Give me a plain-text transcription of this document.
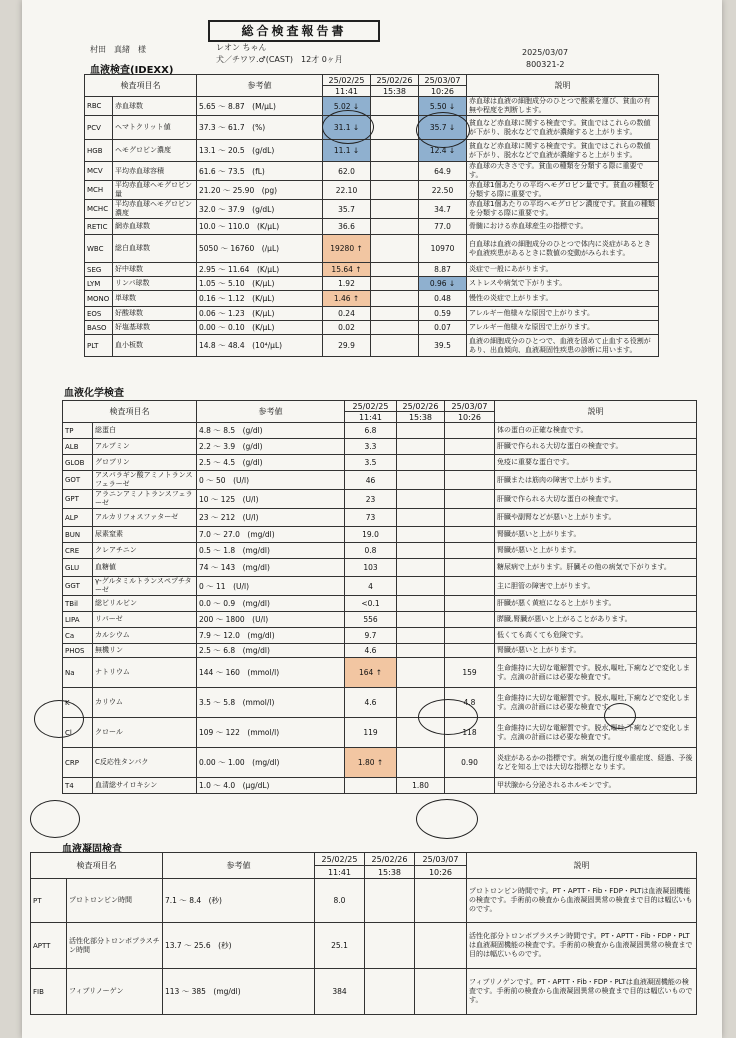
総合検査報告書
村田　真緒　様	レオン ちゃん
犬／チワワ.♂(CAST)　12才 0ヶ月
2025/03/07
800321-2
血液検査(IDEXX)
血液化学検査
血液凝固検査
検査項目名		参考値	25/02/25	25/02/26	25/03/07	説明
			11:41	15:38	10:26	
RBC	赤血球数	5.65 ～ 8.87　(M/μL)	5.02 ↓		5.50 ↓	赤血球は血液の細胞成分のひとつで酸素を運び、貧血の有無や程度を判断します。
PCV	ヘマトクリット値	37.3 ～ 61.7　(%)	31.1 ↓		35.7 ↓	貧血など赤血球に関する検査です。貧血ではこれらの数値が下がり、脱水などで血液が濃縮すると上がります。
HGB	ヘモグロビン濃度	13.1 ～ 20.5　(g/dL)	11.1 ↓		12.4 ↓	貧血など赤血球に関する検査です。貧血ではこれらの数値が下がり、脱水などで血液が濃縮すると上がります。
MCV	平均赤血球容積	61.6 ～ 73.5　(fL)	62.0		64.9	赤血球の大きさです。貧血の種類を分類する際に重要です。
MCH	平均赤血球ヘモグロビン量	21.20 ～ 25.90　(pg)	22.10		22.50	赤血球1個あたりの平均ヘモグロビン量です。貧血の種類を分類する際に重要です。
MCHC	平均赤血球ヘモグロビン濃度	32.0 ～ 37.9　(g/dL)	35.7		34.7	赤血球1個あたりの平均ヘモグロビン濃度です。貧血の種類を分類する際に重要です。
RETIC	網赤血球数	10.0 ～ 110.0　(K/μL)	36.6		77.0	骨髄における赤血球産生の指標です。
WBC	総白血球数	5050 ～ 16760　(/μL)	19280 ↑		10970	白血球は血液の細胞成分のひとつで体内に炎症があるときや血液疾患があるときに数値の変動がみられます。
SEG	好中球数	2.95 ～ 11.64　(K/μL)	15.64 ↑		8.87	炎症で一般にあがります。
LYM	リンパ球数	1.05 ～ 5.10　(K/μL)	1.92		0.96 ↓	ストレスや病気で下がります。
MONO	単球数	0.16 ～ 1.12　(K/μL)	1.46 ↑		0.48	慢性の炎症で上がります。
EOS	好酸球数	0.06 ～ 1.23　(K/μL)	0.24		0.59	アレルギー他様々な原因で上がります。
BASO	好塩基球数	0.00 ～ 0.10　(K/μL)	0.02		0.07	アレルギー他様々な原因で上がります。
PLT	血小板数	14.8 ～ 48.4　(10⁴/μL)	29.9		39.5	血液の細胞成分のひとつで、血液を固めて止血する役割があり、出血傾向、血液凝固性疾患の診断に用います。
検査項目名		参考値	25/02/25	25/02/26	25/03/07	説明
			11:41	15:38	10:26	
TP	総蛋白	4.8 ～ 8.5　(g/dl)	6.8			体の蛋白の正確な検査です。
ALB	アルブミン	2.2 ～ 3.9　(g/dl)	3.3			肝臓で作られる大切な蛋白の検査です。
GLOB	グロブリン	2.5 ～ 4.5　(g/dl)	3.5			免疫に重要な蛋白です。
GOT	アスパラギン酸アミノトランスフェラーゼ	0 ～ 50　(U/l)	46			肝臓または筋肉の障害で上がります。
GPT	アラニンアミノトランスフェラーゼ	10 ～ 125　(U/l)	23			肝臓で作られる大切な蛋白の検査です。
ALP	アルカリフォスファターゼ	23 ～ 212　(U/l)	73			肝臓や副腎などが悪いと上がります。
BUN	尿素窒素	7.0 ～ 27.0　(mg/dl)	19.0			腎臓が悪いと上がります。
CRE	クレアチニン	0.5 ～ 1.8　(mg/dl)	0.8			腎臓が悪いと上がります。
GLU	血糖値	74 ～ 143　(mg/dl)	103			糖尿病で上がります。肝臓その他の病気で下がります。
GGT	γ-グルタミルトランスペプチターゼ	0 ～ 11　(U/l)	4			主に胆管の障害で上がります。
TBil	総ビリルビン	0.0 ～ 0.9　(mg/dl)	<0.1			肝臓が悪く黄疸になると上がります。
LIPA	リパーゼ	200 ～ 1800　(U/l)	556			膵臓,腎臓が悪いと上がることがあります。
Ca	カルシウム	7.9 ～ 12.0　(mg/dl)	9.7			低くても高くても危険です。
PHOS	無機リン	2.5 ～ 6.8　(mg/dl)	4.6			腎臓が悪いと上がります。
Na	ナトリウム	144 ～ 160　(mmol/l)	164 ↑		159	生命維持に大切な電解質です。脱水,嘔吐,下痢などで変化します。点滴の計画には必要な検査です。
K	カリウム	3.5 ～ 5.8　(mmol/l)	4.6		4.8	生命維持に大切な電解質です。脱水,嘔吐,下痢などで変化します。点滴の計画には必要な検査です。
Cl	クロール	109 ～ 122　(mmol/l)	119		118	生命維持に大切な電解質です。脱水,嘔吐,下痢などで変化します。点滴の計画には必要な検査です。
CRP	C反応性タンパク	0.00 ～ 1.00　(mg/dl)	1.80 ↑		0.90	炎症があるかの指標です。病気の進行度や重症度、経過、予後などを知る上では大切な指標となります。
T4	血清総サイロキシン	1.0 ～ 4.0　(μg/dL)		1.80		甲状腺から分泌されるホルモンです。
検査項目名		参考値	25/02/25	25/02/26	25/03/07	説明
			11:41	15:38	10:26	
PT	プロトロンビン時間	7.1 ～ 8.4　(秒)	8.0			プロトロンビン時間です。PT・APTT・Fib・FDP・PLTは血液凝固機能の検査です。手術前の検査から血液凝固異常の検査まで目的は幅広いものです。
APTT	活性化部分トロンボプラスチン時間	13.7 ～ 25.6　(秒)	25.1			活性化部分トロンボプラスチン時間です。PT・APTT・Fib・FDP・PLTは血液凝固機能の検査です。手術前の検査から血液凝固異常の検査まで目的は幅広いものです。
FIB	フィブリノーゲン	113 ～ 385　(mg/dl)	384			フィブリノゲンです。PT・APTT・Fib・FDP・PLTは血液凝固機能の検査です。手術前の検査から血液凝固異常の検査まで目的は幅広いものです。
